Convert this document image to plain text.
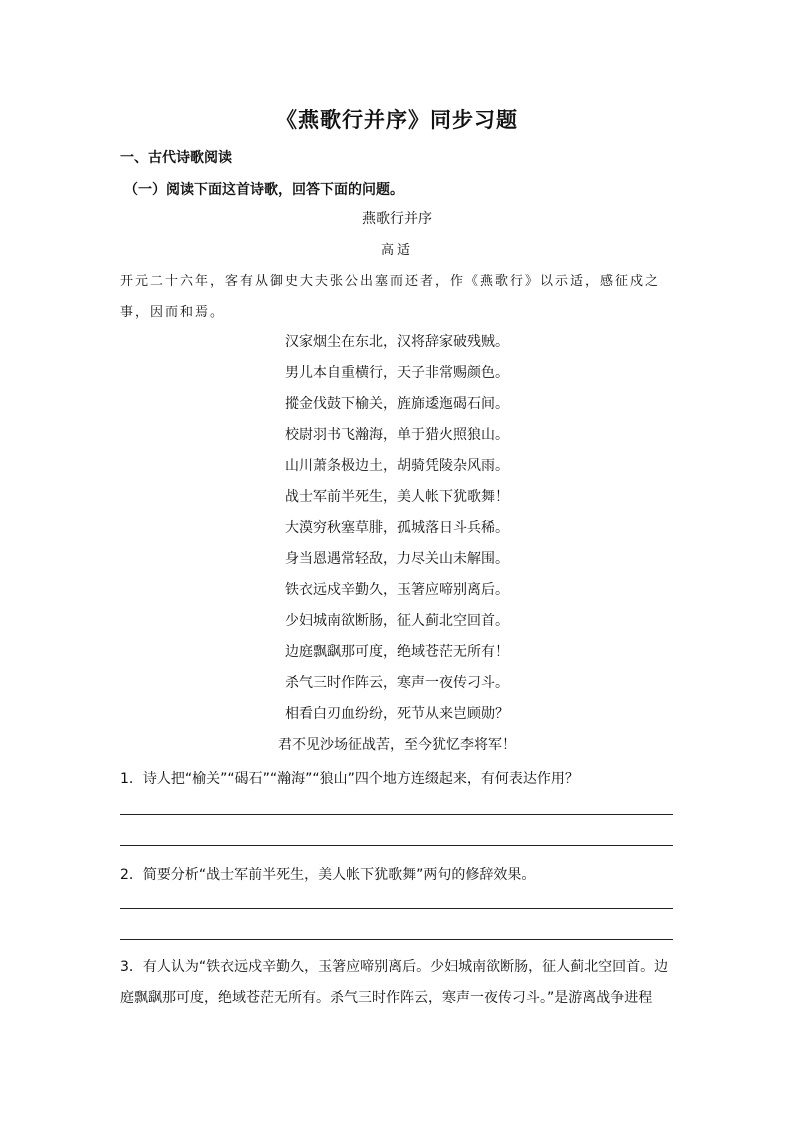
《燕歌行并序》同步习题
一、古代诗歌阅读
（一）阅读下面这首诗歌，回答下面的问题。
燕歌行并序
高适
开元二十六年，客有从御史大夫张公出塞而还者，作《燕歌行》以示适，感征戍之事，因而和焉。
汉家烟尘在东北，汉将辞家破残贼。
男儿本自重横行，天子非常赐颜色。
摐金伐鼓下榆关，旌旆逶迤碣石间。
校尉羽书飞瀚海，单于猎火照狼山。
山川萧条极边土，胡骑凭陵杂风雨。
战士军前半死生，美人帐下犹歌舞！
大漠穷秋塞草腓，孤城落日斗兵稀。
身当恩遇常轻敌，力尽关山未解围。
铁衣远戍辛勤久，玉箸应啼别离后。
少妇城南欲断肠，征人蓟北空回首。
边庭飘飖那可度，绝域苍茫无所有！
杀气三时作阵云，寒声一夜传刁斗。
相看白刃血纷纷，死节从来岂顾勋？
君不见沙场征战苦，至今犹忆李将军！
1．诗人把“榆关”“碣石”“瀚海”“狼山”四个地方连缀起来，有何表达作用？
2．简要分析“战士军前半死生，美人帐下犹歌舞”两句的修辞效果。
3．有人认为“铁衣远戍辛勤久，玉箸应啼别离后。少妇城南欲断肠，征人蓟北空回首。边庭飘飖那可度，绝域苍茫无所有。杀气三时作阵云，寒声一夜传刁斗。”是游离战争进程
